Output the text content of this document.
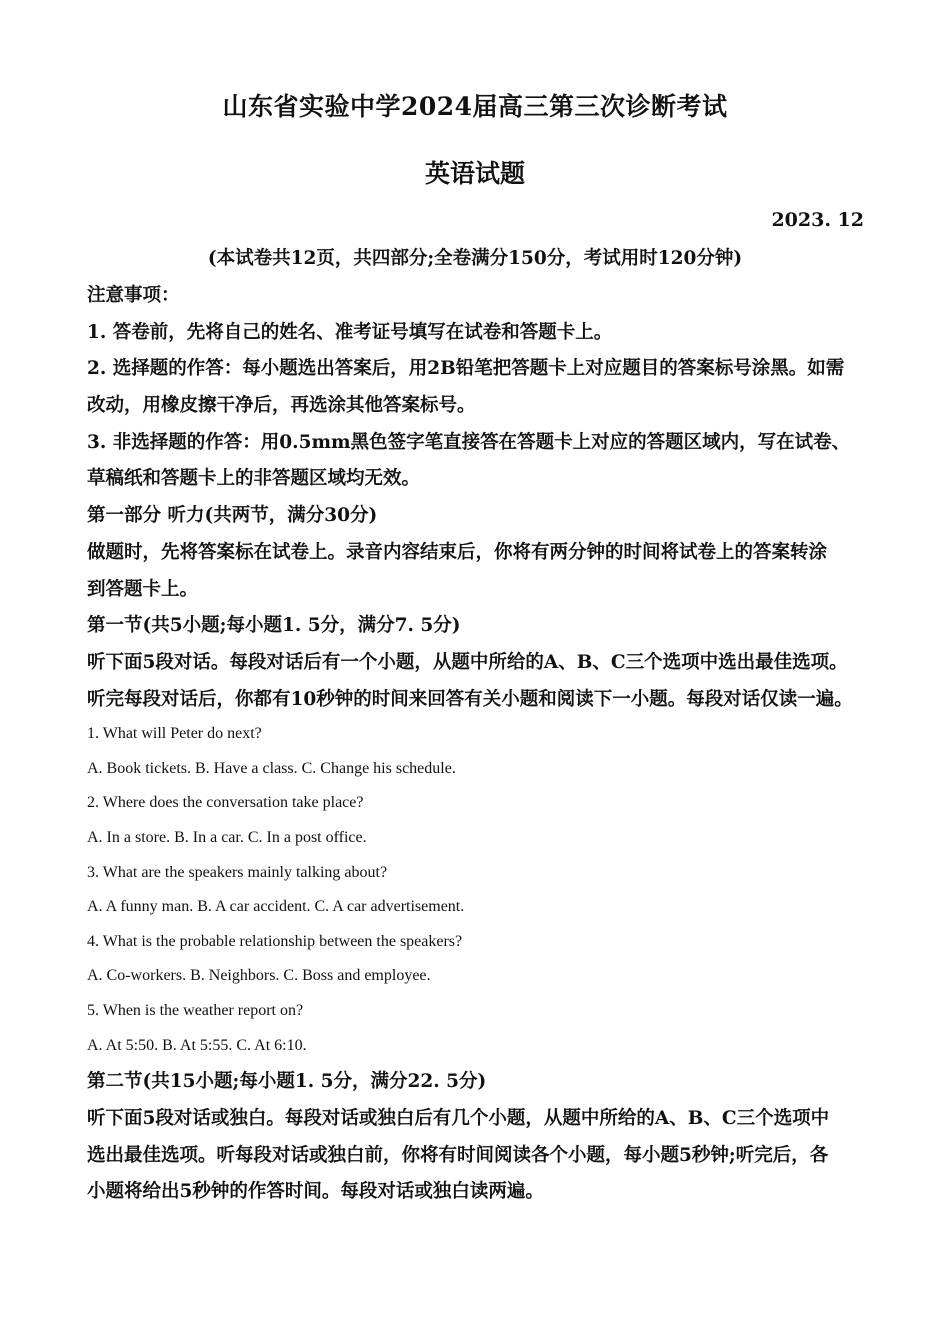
山东省实验中学2024届高三第三次诊断考试
英语试题
2023. 12
(本试卷共12页，共四部分;全卷满分150分，考试用时120分钟)
注意事项：
1. 答卷前，先将自己的姓名、准考证号填写在试卷和答题卡上。
2. 选择题的作答：每小题选出答案后，用2B铅笔把答题卡上对应题目的答案标号涂黑。如需
改动，用橡皮擦干净后，再选涂其他答案标号。
3. 非选择题的作答：用0.5mm黑色签字笔直接答在答题卡上对应的答题区域内，写在试卷、
草稿纸和答题卡上的非答题区域均无效。
第一部分 听力(共两节，满分30分)
做题时，先将答案标在试卷上。录音内容结束后，你将有两分钟的时间将试卷上的答案转涂
到答题卡上。
第一节(共5小题;每小题1. 5分，满分7. 5分)
听下面5段对话。每段对话后有一个小题，从题中所给的A、B、C三个选项中选出最佳选项。
听完每段对话后，你都有10秒钟的时间来回答有关小题和阅读下一小题。每段对话仅读一遍。
1. What will Peter do next?
A. Book tickets. B. Have a class. C. Change his schedule.
2. Where does the conversation take place?
A. In a store. B. In a car. C. In a post office.
3. What are the speakers mainly talking about?
A. A funny man. B. A car accident. C. A car advertisement.
4. What is the probable relationship between the speakers?
A. Co-workers. B. Neighbors. C. Boss and employee.
5. When is the weather report on?
A. At 5:50. B. At 5:55. C. At 6:10.
第二节(共15小题;每小题1. 5分，满分22. 5分)
听下面5段对话或独白。每段对话或独白后有几个小题，从题中所给的A、B、C三个选项中
选出最佳选项。听每段对话或独白前，你将有时间阅读各个小题，每小题5秒钟;听完后，各
小题将给出5秒钟的作答时间。每段对话或独白读两遍。
